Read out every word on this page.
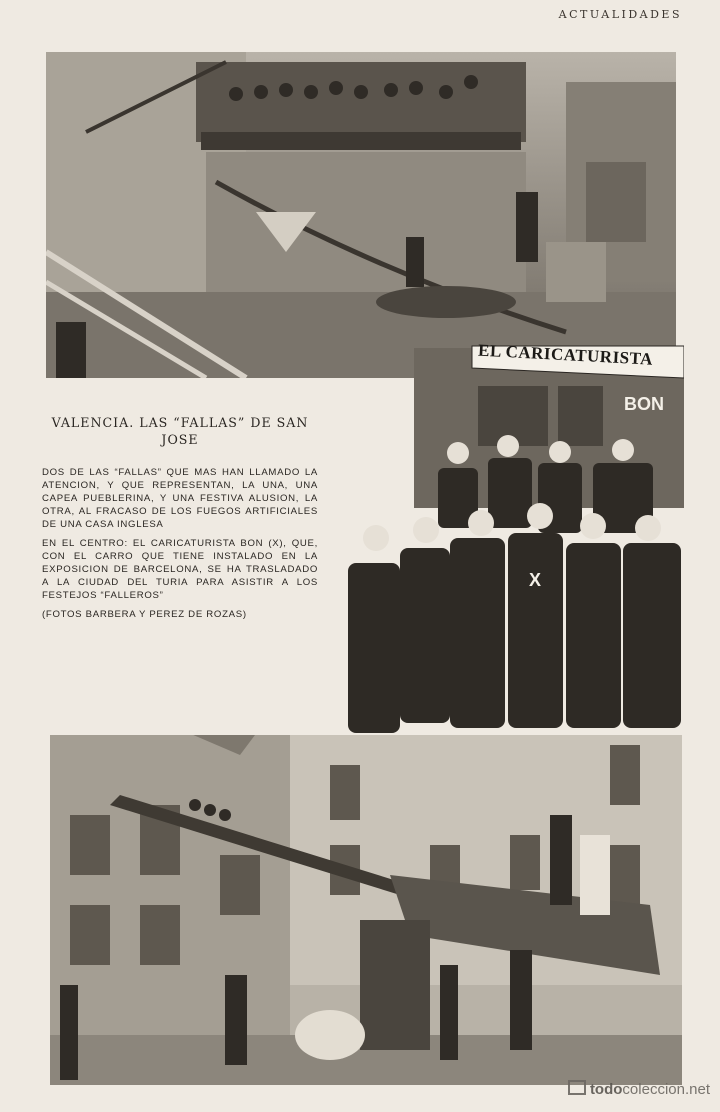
ACTUALIDADES
X
EL CARICATURISTA
BON
VALENCIA. LAS “FALLAS” DE SAN JOSE

DOS DE LAS “FALLAS” QUE MAS HAN LLAMADO LA ATENCION, Y QUE REPRESENTAN, LA UNA, UNA CAPEA PUEBLERINA, Y UNA FESTIVA ALUSION, LA OTRA, AL FRACASO DE LOS FUEGOS ARTIFICIALES DE UNA CASA INGLESA

EN EL CENTRO: EL CARICATURISTA BON (X), QUE, CON EL CARRO QUE TIENE INSTALADO EN LA EXPOSICION DE BARCELONA, SE HA TRASLADADO A LA CIUDAD DEL TURIA PARA ASISTIR A LOS FESTEJOS “FALLEROS”

(FOTOS BARBERA Y PEREZ DE ROZAS)

todocoleccion.net
